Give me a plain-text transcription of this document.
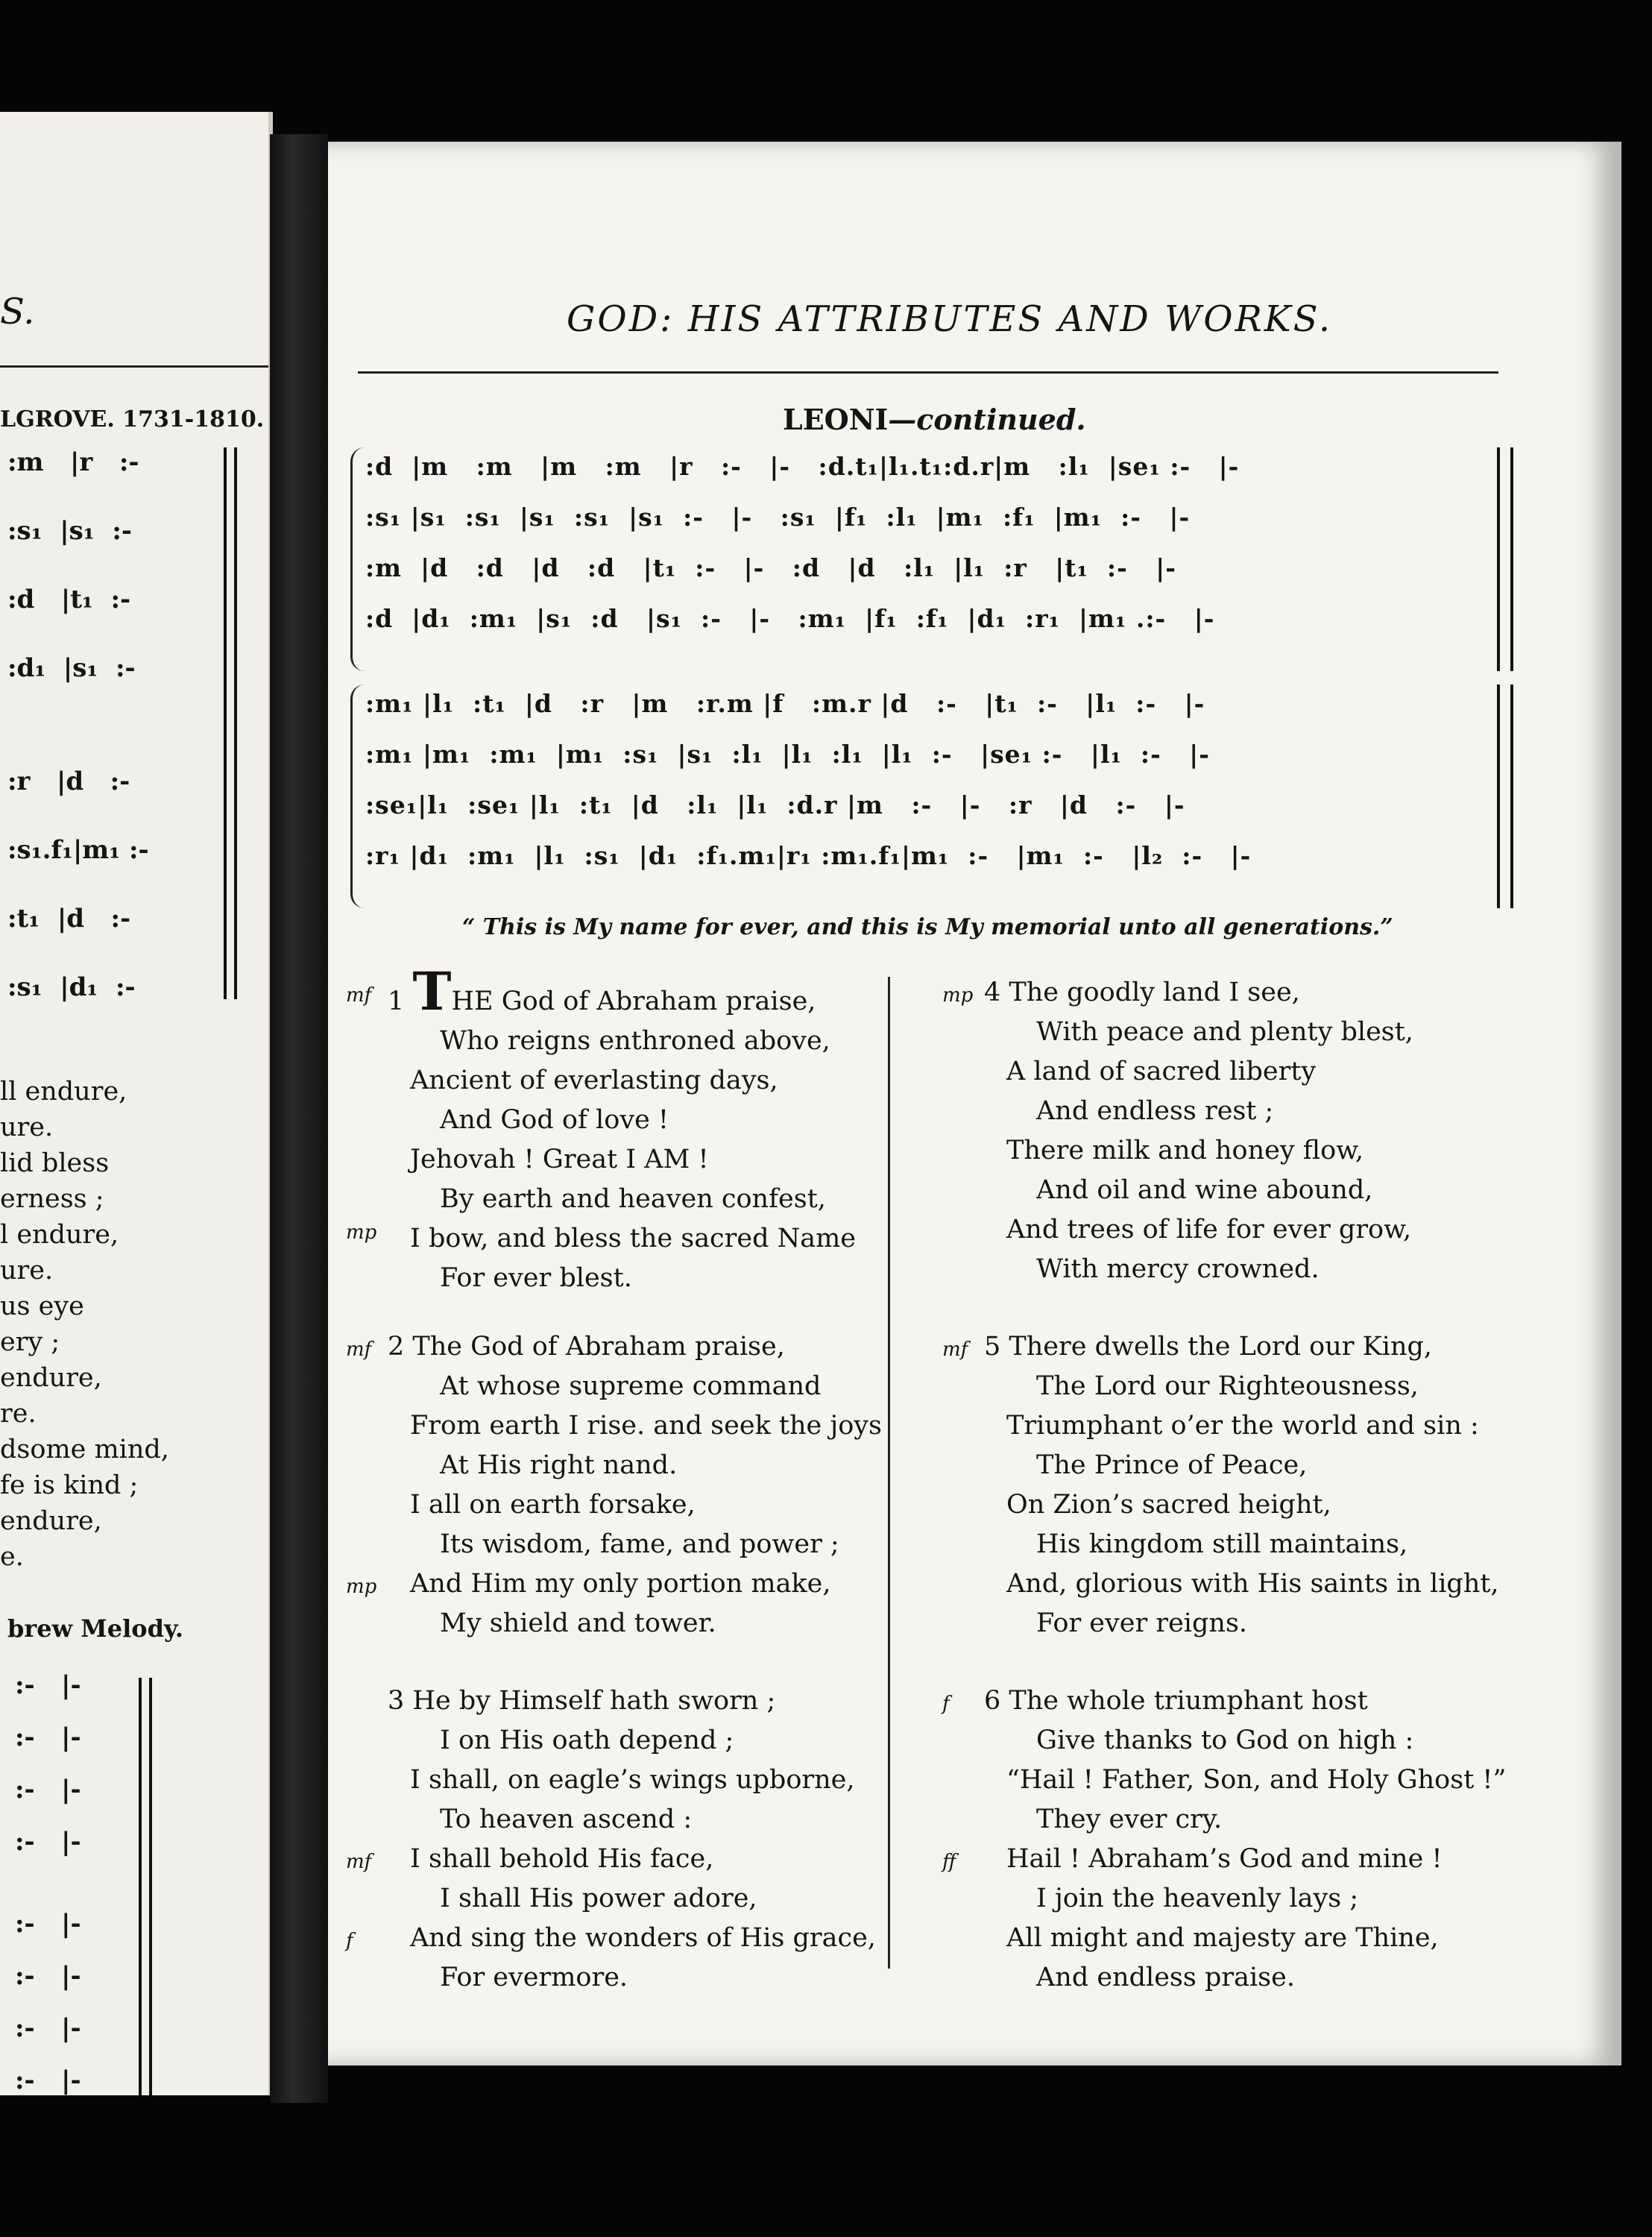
S.
LGROVE. 1731-1810.
:m   |r   :-
:s₁  |s₁  :-
:d   |t₁  :-
:d₁  |s₁  :-
:r   |d   :-
:s₁.f₁|m₁ :-
:t₁  |d   :-
:s₁  |d₁  :-
ll endure,
ure.
lid bless
erness ;
l endure,
ure.
us eye
ery ;
endure,
re.
dsome mind,
fe is kind ;
endure,
e.
brew Melody.
:-   |-
:-   |-
:-   |-
:-   |-
:-   |-
:-   |-
:-   |-
:-   |-
GOD: HIS ATTRIBUTES AND WORKS.
LEONI—continued.
:d  |m   :m   |m   :m   |r   :-   |-   :d.t₁|l₁.t₁:d.r|m   :l₁  |se₁ :-   |-
:s₁ |s₁  :s₁  |s₁  :s₁  |s₁  :-   |-   :s₁  |f₁  :l₁  |m₁  :f₁  |m₁  :-   |-
:m  |d   :d   |d   :d   |t₁  :-   |-   :d   |d   :l₁  |l₁  :r   |t₁  :-   |-
:d  |d₁  :m₁  |s₁  :d   |s₁  :-   |-   :m₁  |f₁  :f₁  |d₁  :r₁  |m₁ .:-   |-
:m₁ |l₁  :t₁  |d   :r   |m   :r.m |f   :m.r |d   :-   |t₁  :-   |l₁  :-   |-
:m₁ |m₁  :m₁  |m₁  :s₁  |s₁  :l₁  |l₁  :l₁  |l₁  :-   |se₁ :-   |l₁  :-   |-
:se₁|l₁  :se₁ |l₁  :t₁  |d   :l₁  |l₁  :d.r |m   :-   |-   :r   |d   :-   |-
:r₁ |d₁  :m₁  |l₁  :s₁  |d₁  :f₁.m₁|r₁ :m₁.f₁|m₁  :-   |m₁  :-   |l₂  :-   |-
“ This is My name for ever, and this is My memorial unto all generations.”
mf 1 THE God of Abraham praise,
Who reigns enthroned above,
Ancient of everlasting days,
And God of love !
Jehovah ! Great I AM !
By earth and heaven confest,
I bow, and bless the sacred Name
For ever blest.
mp
mf 2 The God of Abraham praise,
At whose supreme command
From earth I rise. and seek the joys
At His right nand.
I all on earth forsake,
Its wisdom, fame, and power ;
And Him my only portion make,
My shield and tower.
mp
3 He by Himself hath sworn ;
I on His oath depend ;
I shall, on eagle’s wings upborne,
To heaven ascend :
I shall behold His face,
I shall His power adore,
And sing the wonders of His grace,
For evermore.
mf
f
mp 4 The goodly land I see,
With peace and plenty blest,
A land of sacred liberty
And endless rest ;
There milk and honey flow,
And oil and wine abound,
And trees of life for ever grow,
With mercy crowned.
mf 5 There dwells the Lord our King,
The Lord our Righteousness,
Triumphant o’er the world and sin :
The Prince of Peace,
On Zion’s sacred height,
His kingdom still maintains,
And, glorious with His saints in light,
For ever reigns.
f 6 The whole triumphant host
Give thanks to God on high :
“Hail ! Father, Son, and Holy Ghost !”
They ever cry.
Hail ! Abraham’s God and mine !
I join the heavenly lays ;
All might and majesty are Thine,
And endless praise.
ff
